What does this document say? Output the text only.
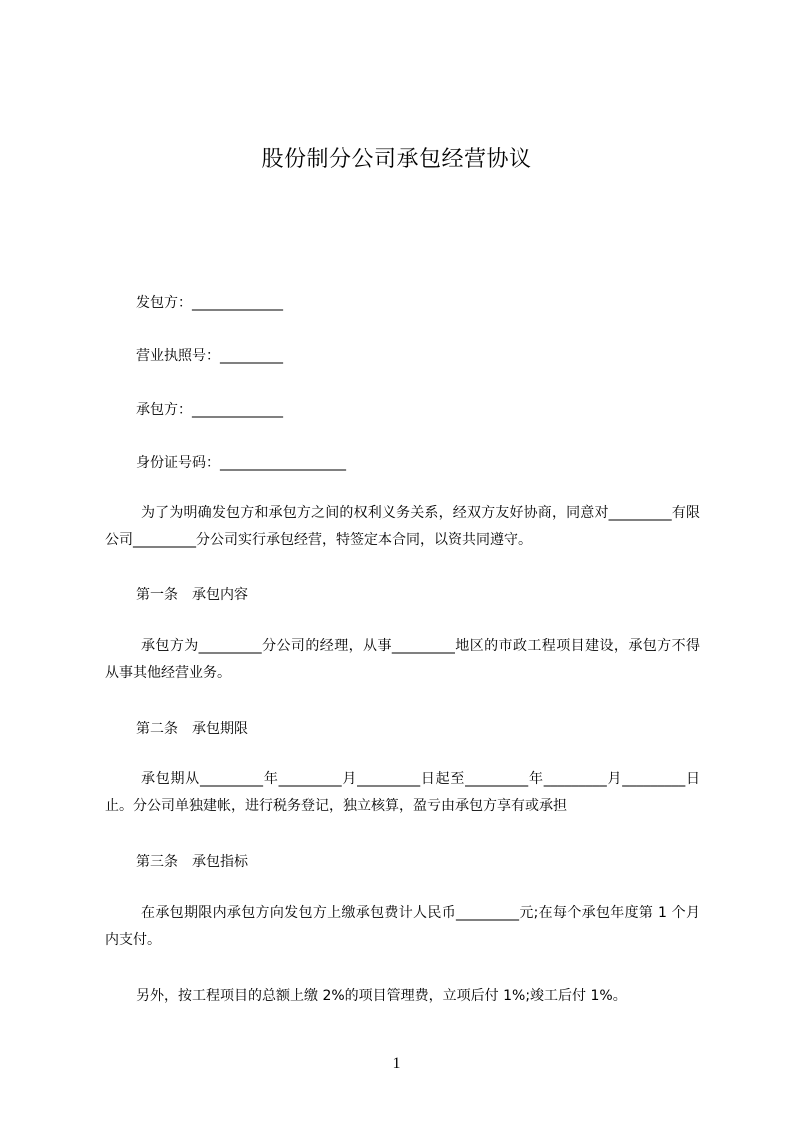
股份制分公司承包经营协议
发包方：_____________
营业执照号：_________
承包方：_____________
身份证号码：__________________
为了为明确发包方和承包方之间的权利义务关系，经双方友好协商，同意对_________有限公司_________分公司实行承包经营，特签定本合同，以资共同遵守。
第一条　承包内容
承包方为_________分公司的经理，从事_________地区的市政工程项目建设，承包方不得从事其他经营业务。
第二条　承包期限
承包期从_________年_________月_________日起至_________年_________月_________日止。分公司单独建帐，进行税务登记，独立核算，盈亏由承包方享有或承担
第三条　承包指标
在承包期限内承包方向发包方上缴承包费计人民币_________元;在每个承包年度第 1 个月内支付。
另外，按工程项目的总额上缴 2%的项目管理费，立项后付 1%;竣工后付 1%。
1
